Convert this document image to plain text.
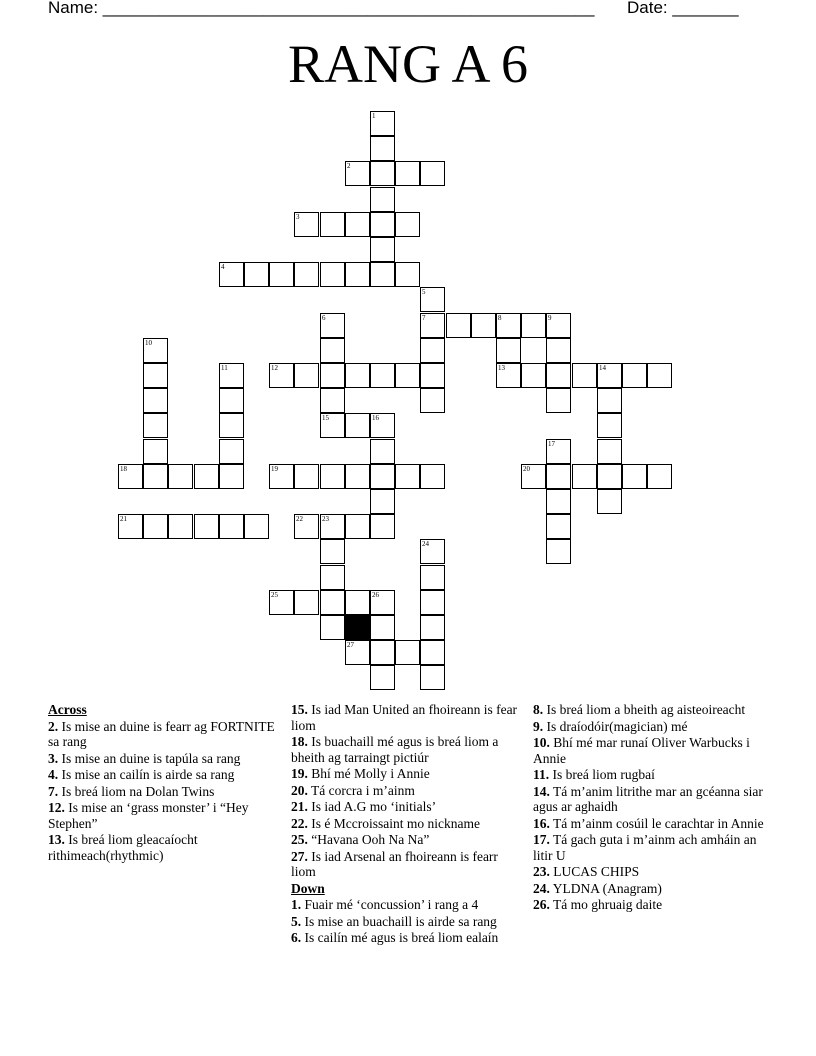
Name: ____________________________________________________ Date: _______
RANG A 6
2
3
4
7	8	9
12	13	14
15	16
18	19	20
21	22	23
25	26
27
1
5
6
10
11
17
24
Across
2. Is mise an duine is fearr ag FORTNITE sa rang
3. Is mise an duine is tapúla sa rang
4. Is mise an cailín is airde sa rang
7. Is breá liom na Dolan Twins
12. Is mise an ‘grass monster’ i “Hey Stephen”
13. Is breá liom gleacaíocht rithimeach(rhythmic)
15. Is iad Man United an fhoireann is fear liom
18. Is buachaill mé agus is breá liom a bheith ag tarraingt pictiúr
19. Bhí mé Molly i Annie
20. Tá corcra i m’ainm
21. Is iad A.G mo ‘initials’
22. Is é Mccroissaint mo nickname
25. “Havana Ooh Na Na”
27. Is iad Arsenal an fhoireann is fearr liom
Down
1. Fuair mé ‘concussion’ i rang a 4
5. Is mise an buachaill is airde sa rang
6. Is cailín mé agus is breá liom ealaín
8. Is breá liom a bheith ag aisteoireacht
9. Is draíodóir(magician) mé
10. Bhí mé mar runaí Oliver Warbucks i Annie
11. Is breá liom rugbaí
14. Tá m’anim litrithe mar an gcéanna siar agus ar aghaidh
16. Tá m’ainm cosúil le carachtar in Annie
17. Tá gach guta i m’ainm ach amháin an litir U
23. LUCAS CHIPS
24. YLDNA (Anagram)
26. Tá mo ghruaig daite
